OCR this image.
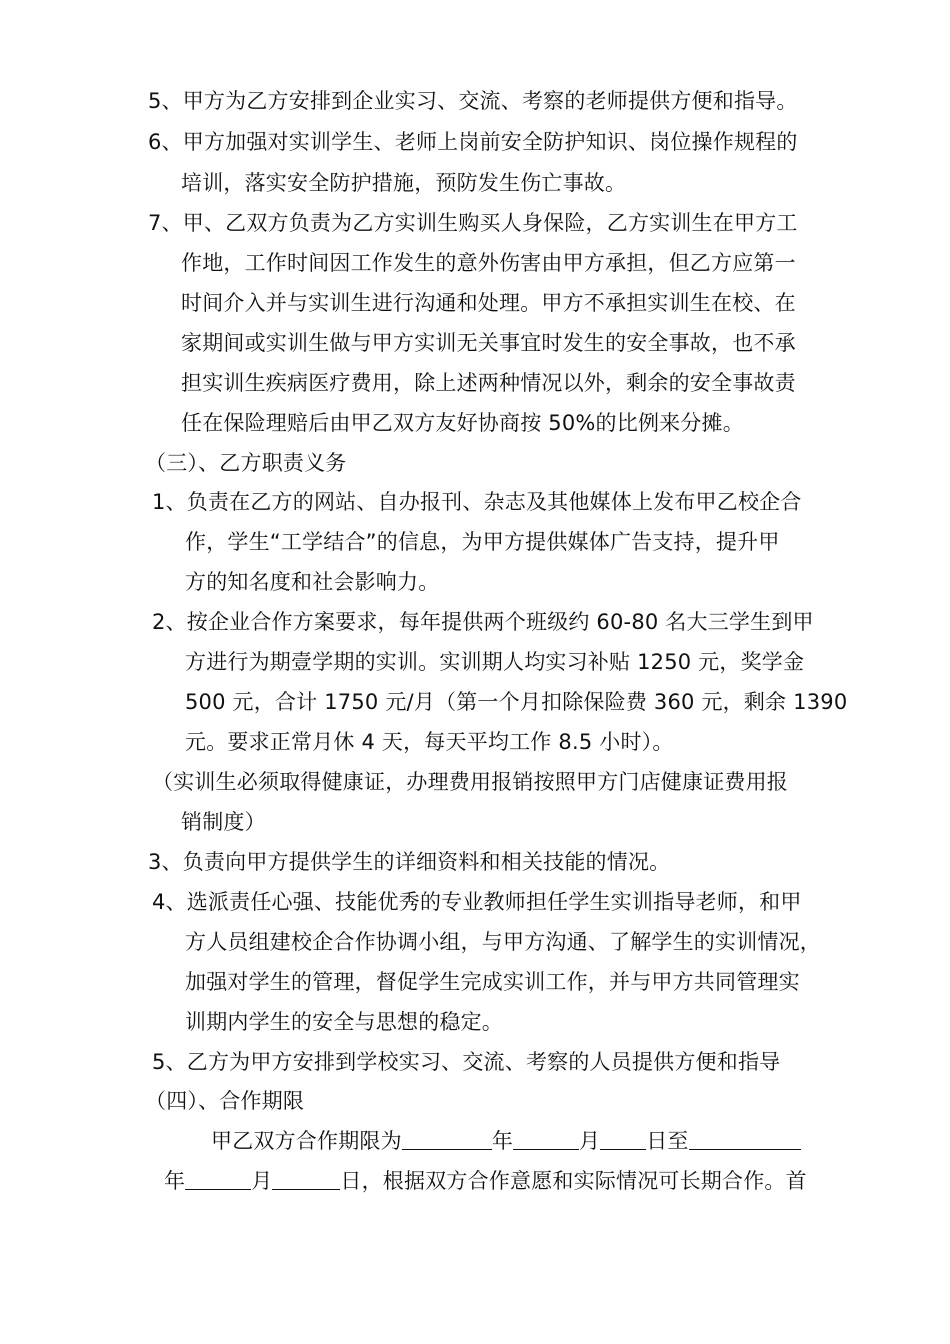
5、甲方为乙方安排到企业实习、交流、考察的老师提供方便和指导。
6、甲方加强对实训学生、老师上岗前安全防护知识、岗位操作规程的
培训，落实安全防护措施，预防发生伤亡事故。
7、甲、乙双方负责为乙方实训生购买人身保险，乙方实训生在甲方工
作地，工作时间因工作发生的意外伤害由甲方承担，但乙方应第一
时间介入并与实训生进行沟通和处理。甲方不承担实训生在校、在
家期间或实训生做与甲方实训无关事宜时发生的安全事故，也不承
担实训生疾病医疗费用，除上述两种情况以外，剩余的安全事故责
任在保险理赔后由甲乙双方友好协商按 50%的比例来分摊。
（三）、乙方职责义务
1、负责在乙方的网站、自办报刊、杂志及其他媒体上发布甲乙校企合
作，学生“工学结合”的信息，为甲方提供媒体广告支持，提升甲
方的知名度和社会影响力。
2、按企业合作方案要求，每年提供两个班级约 60-80 名大三学生到甲
方进行为期壹学期的实训。实训期人均实习补贴 1250 元，奖学金
500 元，合计 1750 元/月（第一个月扣除保险费 360 元，剩余 1390
元。要求正常月休 4 天，每天平均工作 8.5 小时）。
（实训生必须取得健康证，办理费用报销按照甲方门店健康证费用报
销制度）
3、负责向甲方提供学生的详细资料和相关技能的情况。
4、选派责任心强、技能优秀的专业教师担任学生实训指导老师，和甲
方人员组建校企合作协调小组，与甲方沟通、了解学生的实训情况，
加强对学生的管理，督促学生完成实训工作，并与甲方共同管理实
训期内学生的安全与思想的稳定。
5、乙方为甲方安排到学校实习、交流、考察的人员提供方便和指导
（四）、合作期限
甲乙双方合作期限为	年	月 日至
年	月	日，根据双方合作意愿和实际情况可长期合作。首
